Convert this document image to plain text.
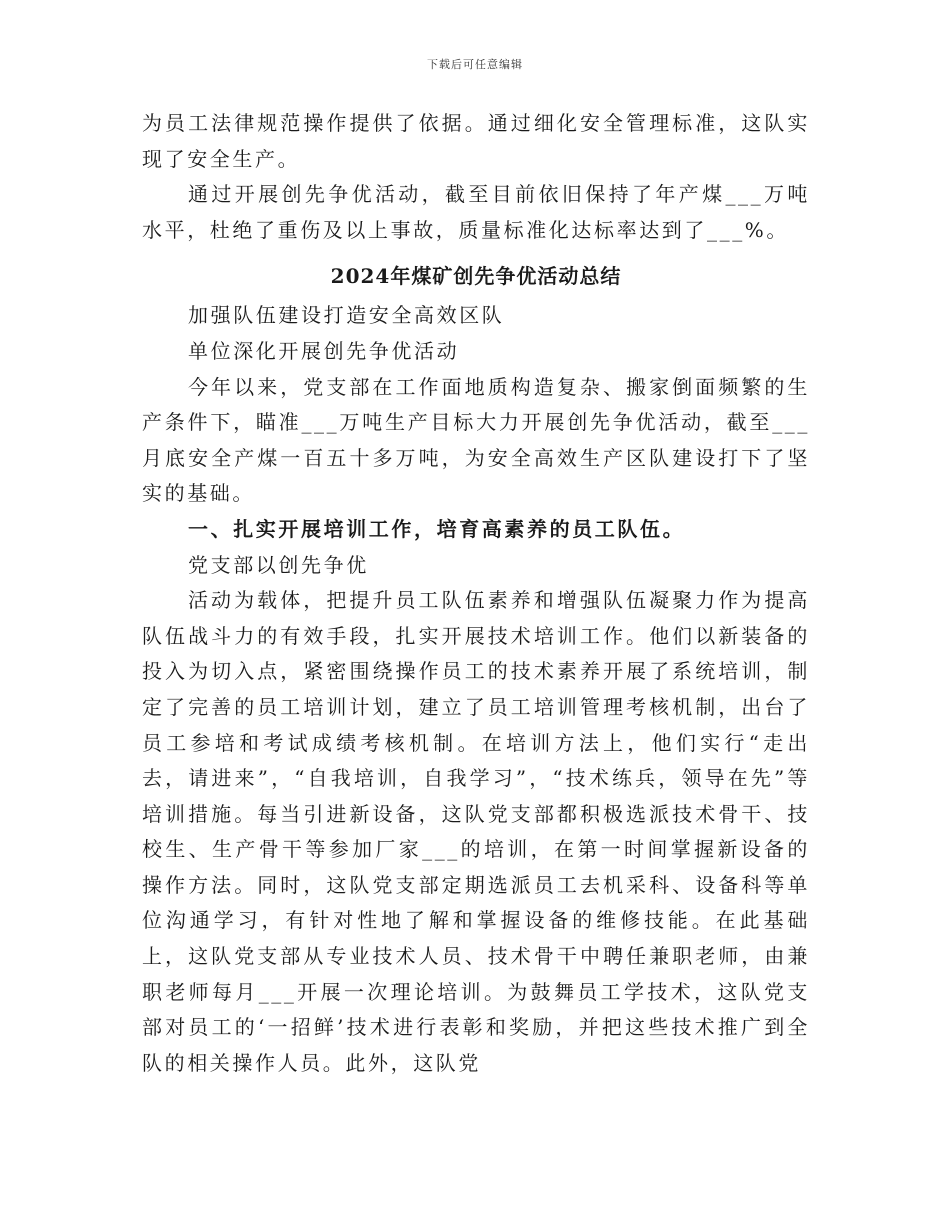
下载后可任意编辑

为员工法律规范操作提供了依据。通过细化安全管理标准，这队实现了安全生产。

通过开展创先争优活动，截至目前依旧保持了年产煤___万吨水平，杜绝了重伤及以上事故，质量标准化达标率达到了___%。

2024年煤矿创先争优活动总结

加强队伍建设打造安全高效区队

单位深化开展创先争优活动

今年以来，党支部在工作面地质构造复杂、搬家倒面频繁的生产条件下，瞄准___万吨生产目标大力开展创先争优活动，截至___月底安全产煤一百五十多万吨，为安全高效生产区队建设打下了坚实的基础。

一、扎实开展培训工作，培育高素养的员工队伍。

党支部以创先争优

活动为载体，把提升员工队伍素养和增强队伍凝聚力作为提高队伍战斗力的有效手段，扎实开展技术培训工作。他们以新装备的投入为切入点，紧密围绕操作员工的技术素养开展了系统培训，制定了完善的员工培训计划，建立了员工培训管理考核机制，出台了员工参培和考试成绩考核机制。在培训方法上，他们实行“走出去，请进来”，“自我培训，自我学习”，“技术练兵，领导在先”等培训措施。每当引进新设备，这队党支部都积极选派技术骨干、技校生、生产骨干等参加厂家___的培训，在第一时间掌握新设备的操作方法。同时，这队党支部定期选派员工去机采科、设备科等单位沟通学习，有针对性地了解和掌握设备的维修技能。在此基础上，这队党支部从专业技术人员、技术骨干中聘任兼职老师，由兼职老师每月___开展一次理论培训。为鼓舞员工学技术，这队党支部对员工的‘一招鲜’技术进行表彰和奖励，并把这些技术推广到全队的相关操作人员。此外，这队党
